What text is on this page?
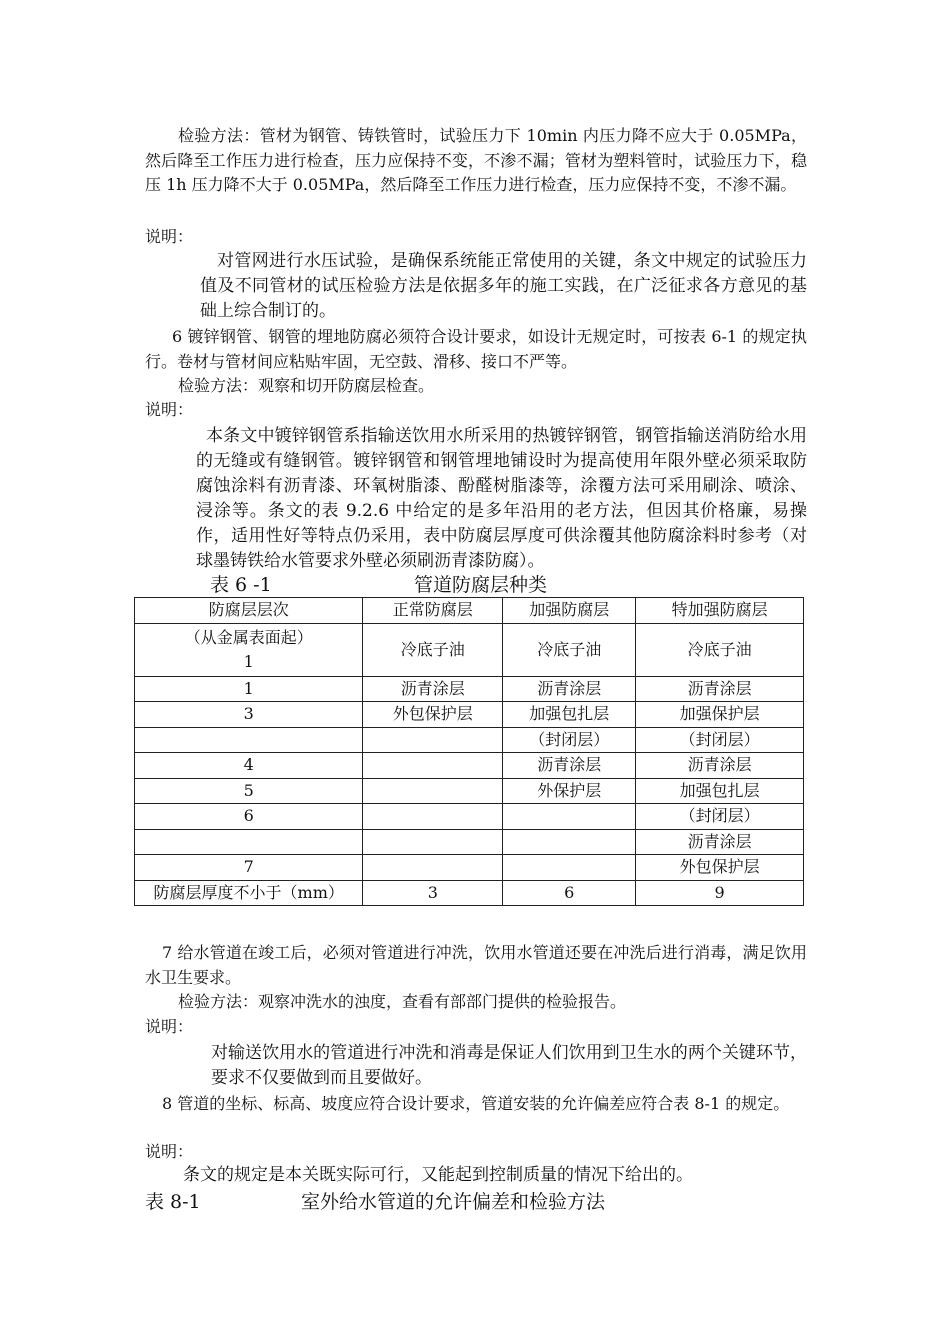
检验方法：管材为钢管、铸铁管时，试验压力下 10min 内压力降不应大于 0.05MPa，然后降至工作压力进行检查，压力应保持不变，不渗不漏；管材为塑料管时，试验压力下，稳压 1h 压力降不大于 0.05MPa，然后降至工作压力进行检查，压力应保持不变，不渗不漏。

说明：

对管网进行水压试验，是确保系统能正常使用的关键，条文中规定的试验压力值及不同管材的试压检验方法是依据多年的施工实践，在广泛征求各方意见的基础上综合制订的。

6 镀锌钢管、钢管的埋地防腐必须符合设计要求，如设计无规定时，可按表 6-1 的规定执行。卷材与管材间应粘贴牢固，无空鼓、滑移、接口不严等。

检验方法：观察和切开防腐层检查。

说明：

本条文中镀锌钢管系指输送饮用水所采用的热镀锌钢管，钢管指输送消防给水用的无缝或有缝钢管。镀锌钢管和钢管埋地铺设时为提高使用年限外壁必须采取防腐蚀涂料有沥青漆、环氧树脂漆、酚醛树脂漆等，涂覆方法可采用刷涂、喷涂、浸涂等。条文的表 9.2.6 中给定的是多年沿用的老方法，但因其价格廉，易操作，适用性好等特点仍采用，表中防腐层厚度可供涂覆其他防腐涂料时参考（对球墨铸铁给水管要求外壁必须刷沥青漆防腐）。

表 6 -1	管道防腐层种类
防腐层层次	正常防腐层	加强防腐层	特加强防腐层

（从金属表面起）
1	冷底子油	冷底子油	冷底子油
1	沥青涂层	沥青涂层	沥青涂层
3	外包保护层	加强包扎层	加强保护层
		（封闭层）	（封闭层）
4		沥青涂层	沥青涂层
5		外保护层	加强包扎层
6			（封闭层）
			沥青涂层
7			外包保护层
防腐层厚度不小于（mm）	3	6	9

7 给水管道在竣工后，必须对管道进行冲洗，饮用水管道还要在冲洗后进行消毒，满足饮用水卫生要求。

检验方法：观察冲洗水的浊度，查看有部部门提供的检验报告。

说明：

对输送饮用水的管道进行冲洗和消毒是保证人们饮用到卫生水的两个关键环节，要求不仅要做到而且要做好。

8 管道的坐标、标高、坡度应符合设计要求，管道安装的允许偏差应符合表 8-1 的规定。

说明：

条文的规定是本关既实际可行，又能起到控制质量的情况下给出的。

表 8-1	室外给水管道的允许偏差和检验方法
